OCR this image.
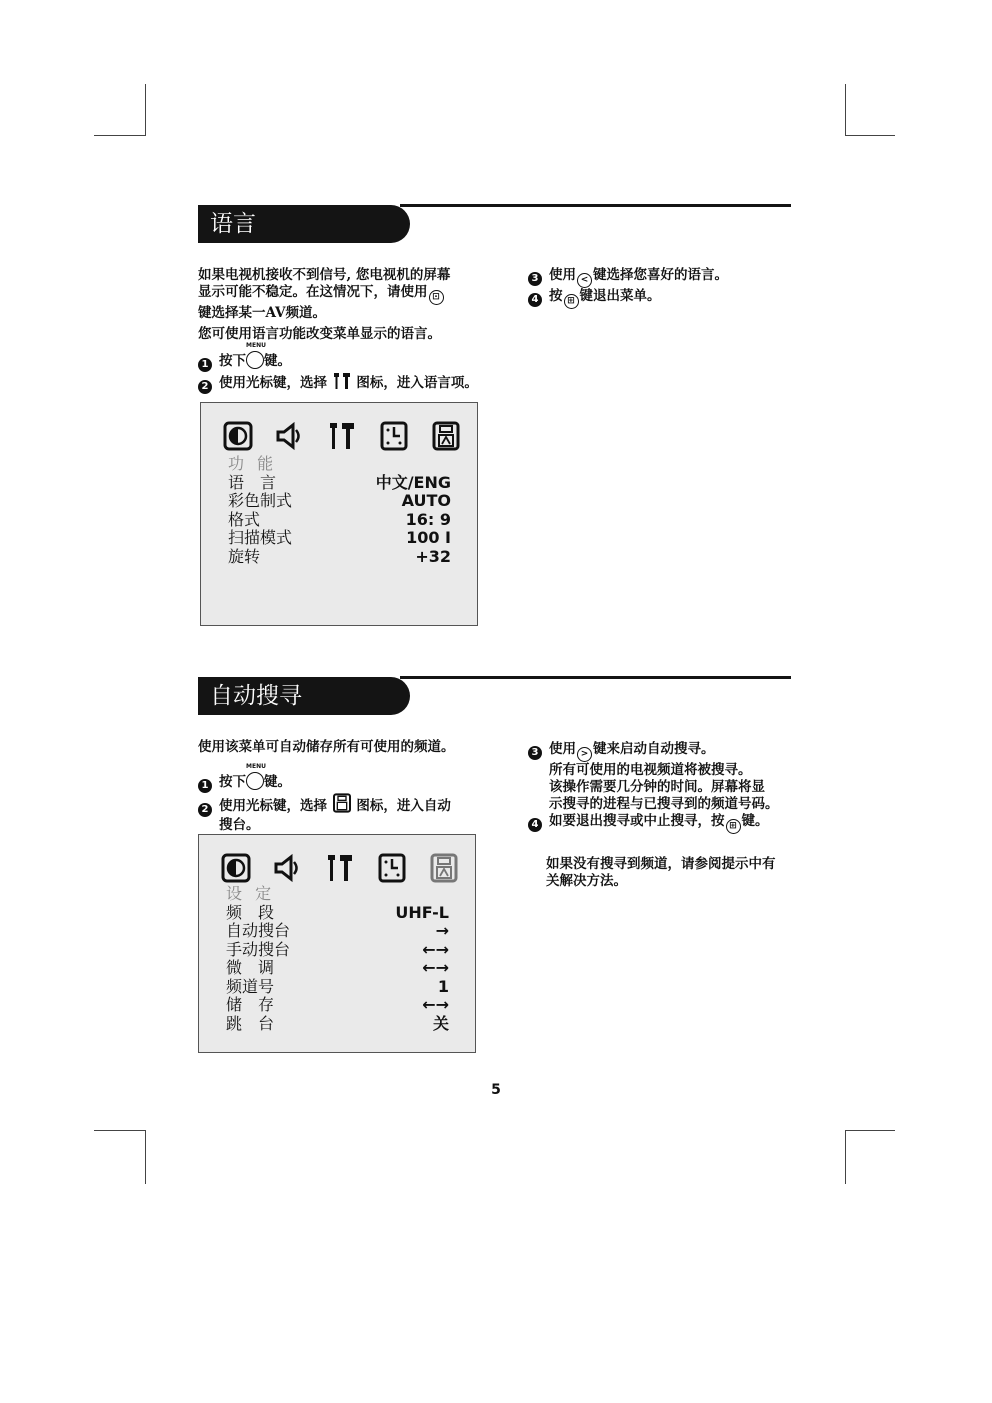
语言
如果电视机接收不到信号, 您电视机的屏幕
显示可能不稳定。在这情况下，请使用 ⊡
键选择某一AV频道。
您可使用语言功能改变菜单显示的语言。
1 按下
MENU
键。
2 使用光标键，选择 图标，进入语言项。
3 使用 < 键选择您喜好的语言。
4 按 ⊞ 键退出菜单。
功 能
语　言	中文/ENG
彩色制式	AUTO
格式	16: 9
扫描模式	100 I
旋转	+32
自动搜寻
使用该菜单可自动储存所有可使用的频道。
1 按下
MENU
键。
2 使用光标键，选择 图标，进入自动
搜台。
3 使用 > 键来启动自动搜寻。
所有可使用的电视频道将被搜寻。
该操作需要几分钟的时间。屏幕将显
示搜寻的进程与已搜寻到的频道号码。
4 如要退出搜寻或中止搜寻，按 ⊞ 键。
如果没有搜寻到频道，请参阅提示中有
关解决方法。
设 定
频　段	UHF-L
自动搜台	→
手动搜台	←→
微　调	←→
频道号	1
储　存	←→
跳　台	关
5
